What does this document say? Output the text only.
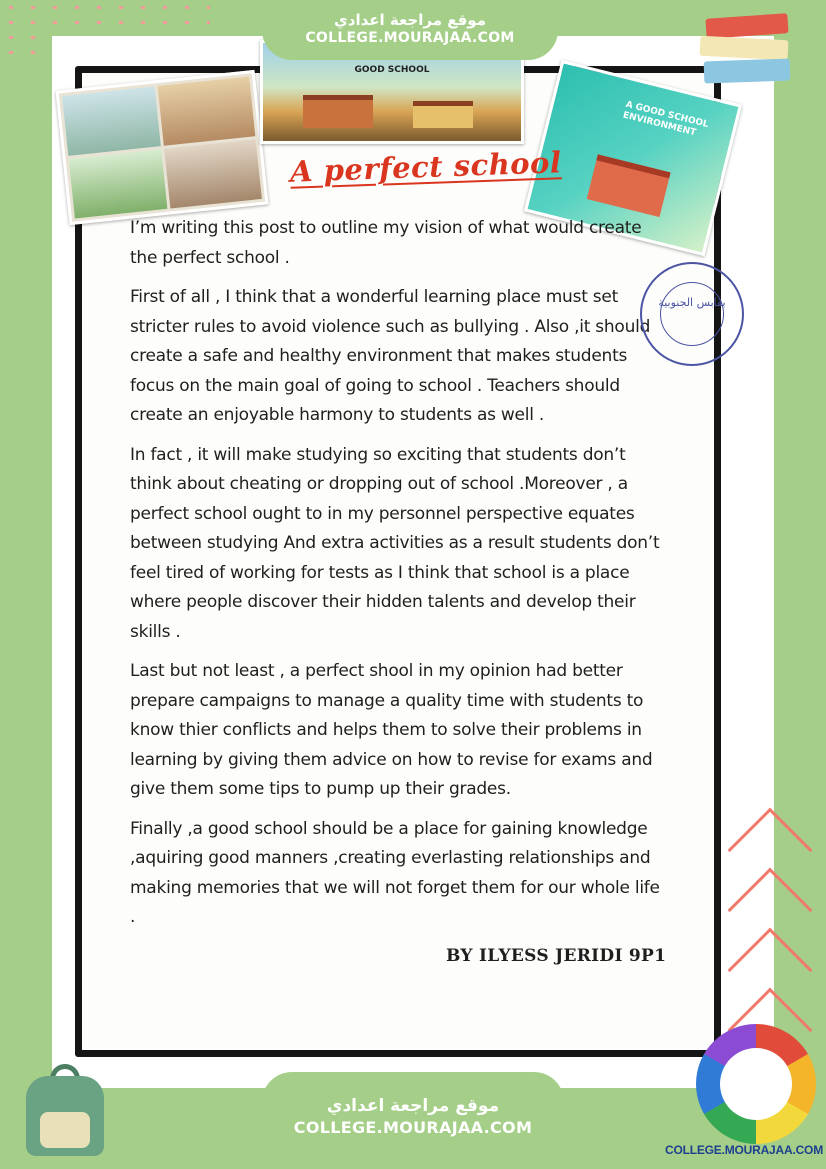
موقع مراجعة اعدادي
COLLEGE.MOURAJAA.COM
GOOD SCHOOL
A GOOD SCHOOL ENVIRONMENT
A perfect school
بقابس الجنوبية

I’m writing this post to outline my vision of what would create the perfect school .

First of all , I think that a wonderful learning place must set stricter rules to avoid violence such as bullying . Also ,it should create a safe and healthy environment that makes students focus on the main goal of going to school . Teachers should create an enjoyable harmony to students as well .

In fact , it will make studying so exciting that students don’t think about cheating or dropping out of school .Moreover , a perfect school ought to in my personnel perspective equates between studying And extra activities as a result students don’t feel tired of working for tests as I think that school is a place where people discover their hidden talents and develop their skills .

Last but not least , a perfect shool in my opinion had better prepare campaigns to manage a quality time with students to know thier conflicts and helps them to solve their problems in learning by giving them advice on how to revise for exams and give them some tips to pump up their grades.

Finally ,a good school should be a place for gaining knowledge ,aquiring good manners ,creating everlasting relationships and making memories that we will not forget them for our whole life .

BY ILYESS JERIDI 9P1
موقع مراجعة اعدادي
COLLEGE.MOURAJAA.COM
COLLEGE.MOURAJAA.COM
